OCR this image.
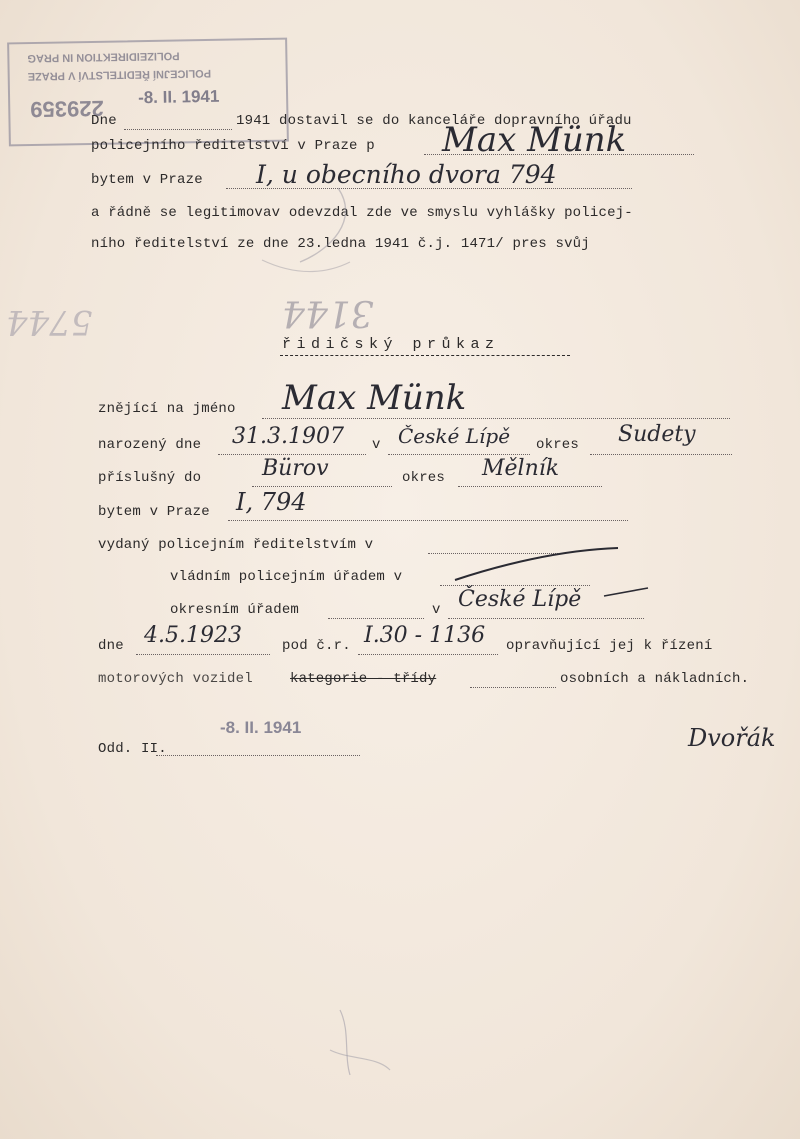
POLIZEIDIREKTION IN PRAG
POLICEJNÍ ŘEDITELSTVÍ V PRAZE
229359 -8. II. 1941
Dne	1941 dostavil se do kanceláře dopravního úřadu
policejního ředitelství v Praze p Max Münk
bytem v Praze I, u obecního dvora 794
a řádně se legitimovav odevzdal zde ve smyslu vyhlášky policej-
ního ředitelství ze dne 23.ledna 1941 č.j. 1471/ pres svůj
3144
5744
řidičský průkaz
znějící na jméno Max Münk
narozený dne 31.3.1907 v České Lípě okres Sudety
příslušný do	Bürov	okres Mělník
bytem v Praze I, 794
vydaný policejním ředitelstvím v
vládním policejním úřadem v
okresním úřadem	v České Lípě
dne 4.5.1923	pod č.r. I.30 - 1136 opravňující jej k řízení
motorových vozidel	kategorie - třídy	osobních a nákladních.
Odd. II.
-8. II. 1941	Dvořák
